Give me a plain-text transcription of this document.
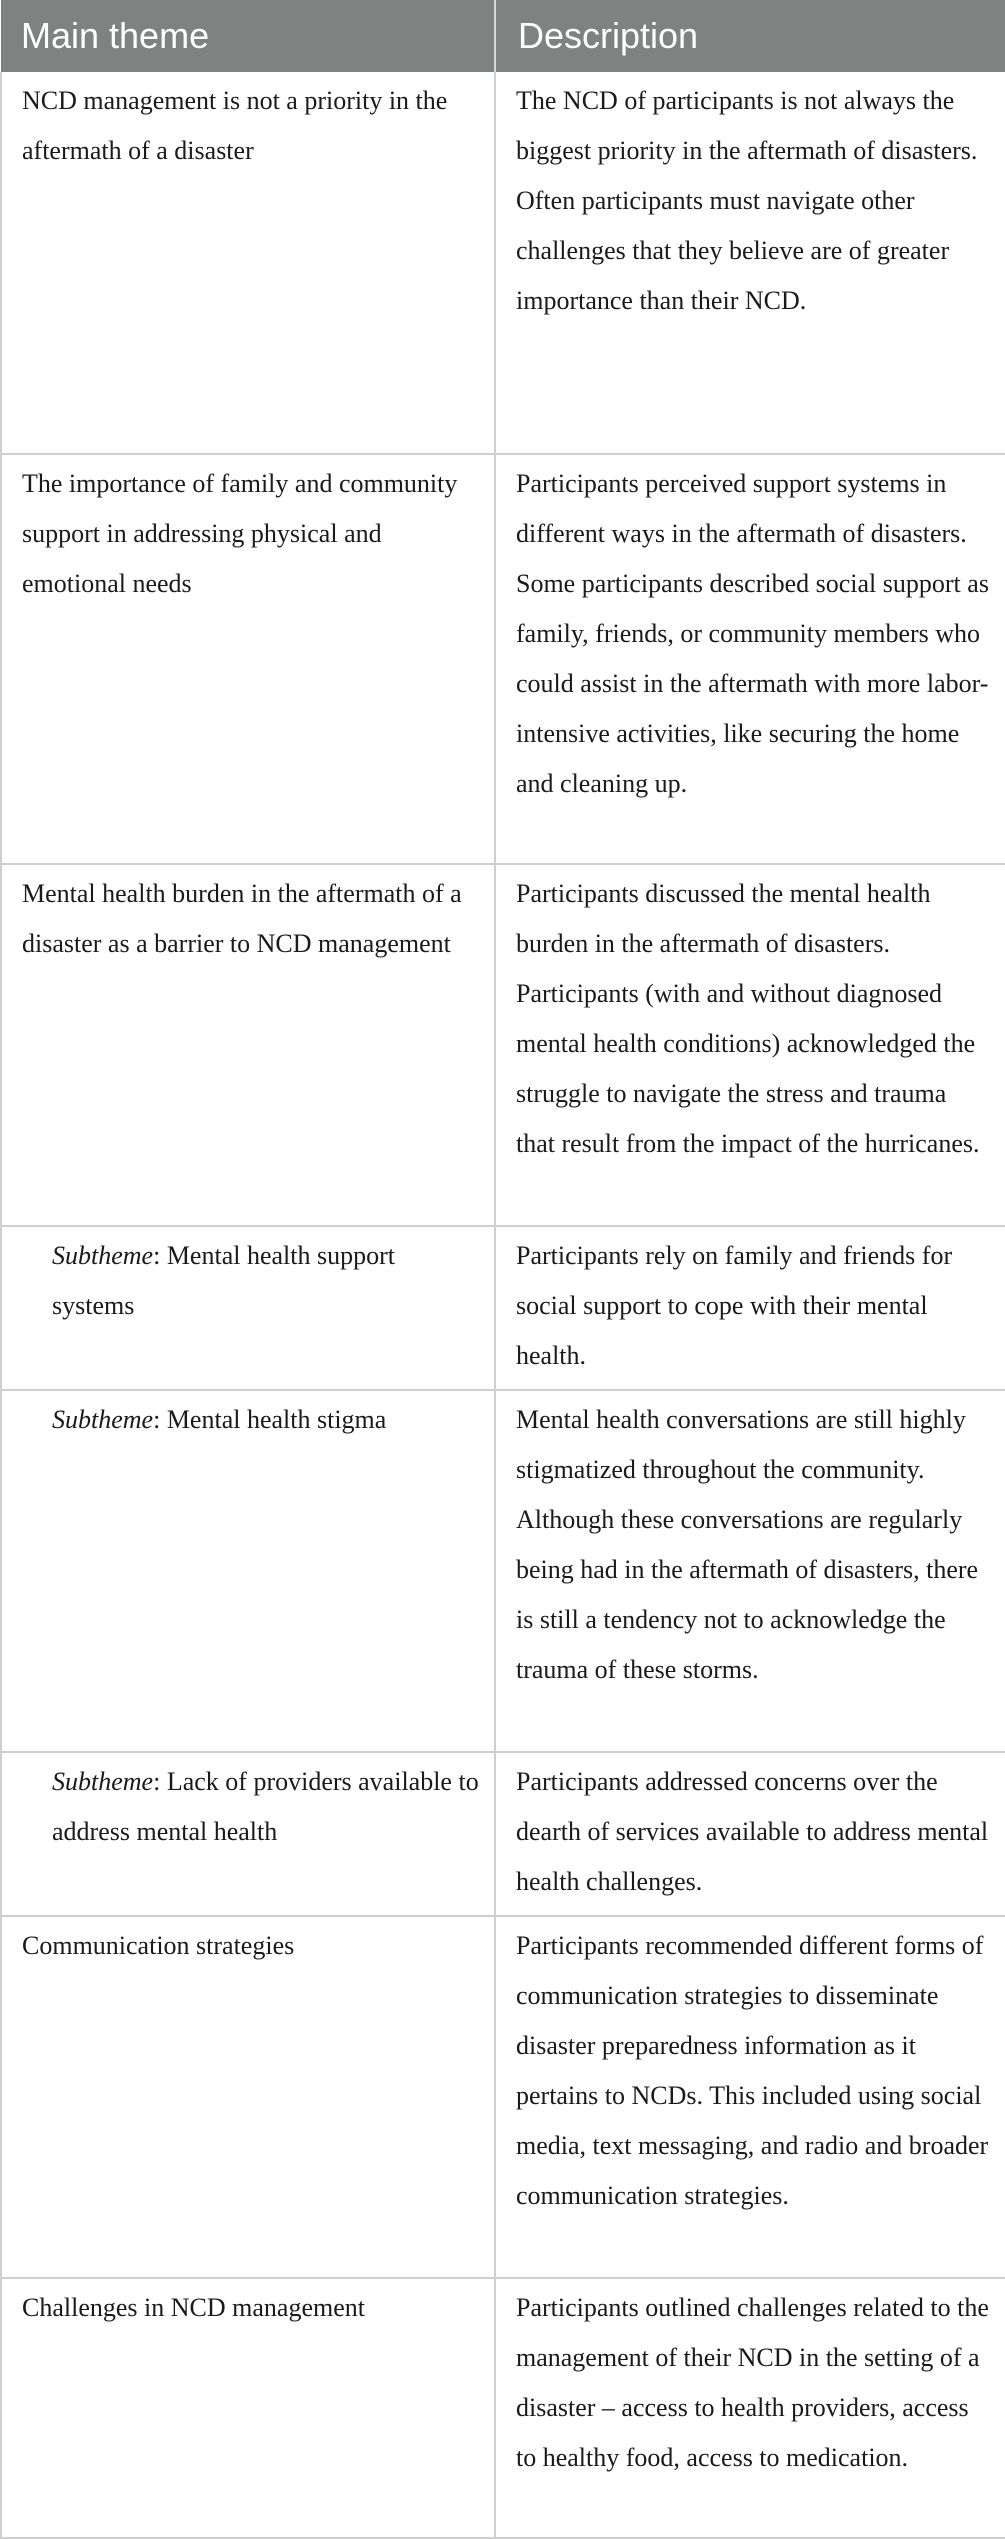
Main theme	Description
NCD management is not a priority in the aftermath of a disaster	The NCD of participants is not always the biggest priority in the aftermath of disasters. Often participants must navigate other challenges that they believe are of greater importance than their NCD.
The importance of family and community support in addressing physical and emotional needs	Participants perceived support systems in different ways in the aftermath of disasters. Some participants described social support as family, friends, or community members who could assist in the aftermath with more labor-intensive activities, like securing the home and cleaning up.
Mental health burden in the aftermath of a disaster as a barrier to NCD management	Participants discussed the mental health burden in the aftermath of disasters. Participants (with and without diagnosed mental health conditions) acknowledged the struggle to navigate the stress and trauma that result from the impact of the hurricanes.
Subtheme: Mental health support systems	Participants rely on family and friends for social support to cope with their mental health.
Subtheme: Mental health stigma	Mental health conversations are still highly stigmatized throughout the community. Although these conversations are regularly being had in the aftermath of disasters, there is still a tendency not to acknowledge the trauma of these storms.
Subtheme: Lack of providers available to address mental health	Participants addressed concerns over the dearth of services available to address mental health challenges.
Communication strategies	Participants recommended different forms of communication strategies to disseminate disaster preparedness information as it pertains to NCDs. This included using social media, text messaging, and radio and broader communication strategies.
Challenges in NCD management	Participants outlined challenges related to the management of their NCD in the setting of a disaster – access to health providers, access to healthy food, access to medication.
